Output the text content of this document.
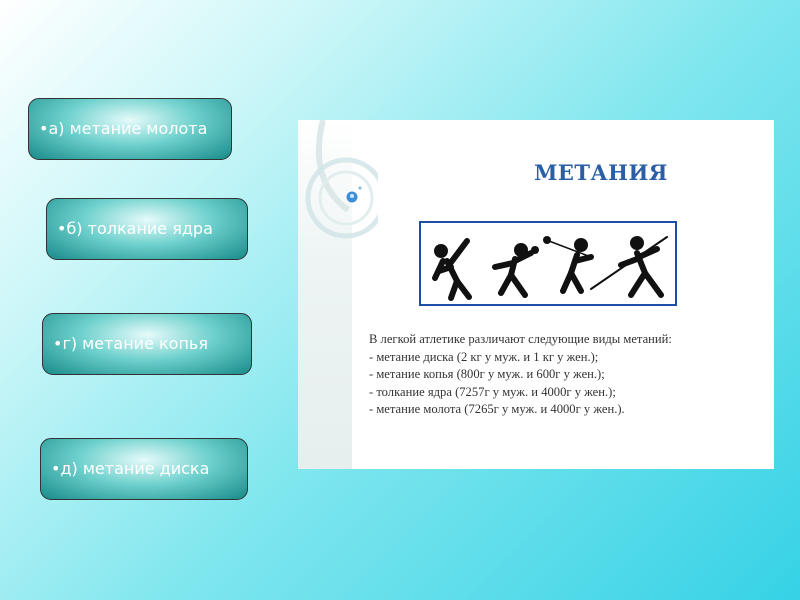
•а) метание молота
•б) толкание ядра
•г) метание копья
•д) метание диска
МЕТАНИЯ
В легкой атлетике различают следующие виды метаний:
- метание диска (2 кг у муж. и 1 кг у жен.);
- метание копья (800г у муж. и 600г у жен.);
- толкание ядра (7257г у муж. и 4000г у жен.);
- метание молота (7265г у муж. и 4000г у жен.).
